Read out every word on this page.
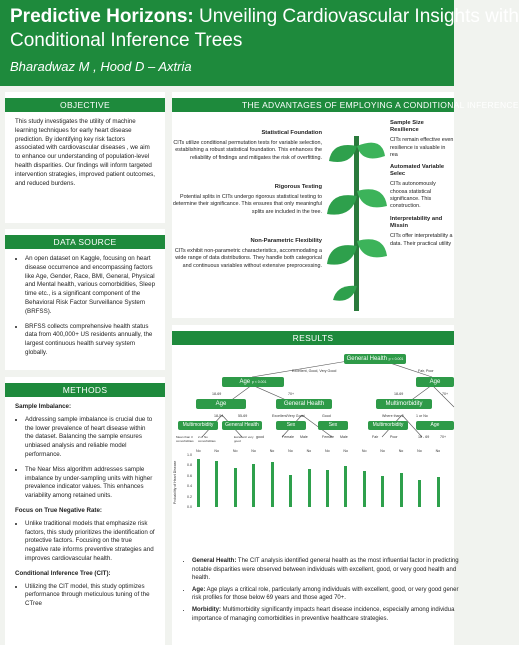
Predictive Horizons: Unveiling Cardiovascular Insights with
Conditional Inference Trees
Bharadwaz M , Hood D – Axtria
OBJECTIVE

This study investigates the utility of machine learning techniques for early heart disease prediction. By identifying key risk factors associated with cardiovascular diseases , we aim to enhance our understanding of population-level health disparities. Our findings will inform targeted intervention strategies, improved patient outcomes, and reduced burdens.

DATA SOURCE
• An open dataset on Kaggle, focusing on heart disease occurrence and encompassing factors like Age, Gender, Race, BMI, General, Physical and Mental health, various comorbidities, Sleep time etc., is a significant component of the Behavioral Risk Factor Surveillance System (BRFSS).
• BRFSS collects comprehensive health status data from 400,000+ US residents annually, the largest continuous health survey system globally.
METHODS
Sample Imbalance:
• Addressing sample imbalance is crucial due to the lower prevalence of heart disease within the dataset. Balancing the sample ensures unbiased analysis and reliable model performance.
• The Near Miss algorithm addresses sample imbalance by under-sampling units with higher prevalence indicator values. This enhances variability among retained units.
Focus on True Negative Rate:
• Unlike traditional models that emphasize risk factors, this study prioritizes the identification of protective factors. Focusing on the true negative rate informs preventive strategies and improves cardiovascular health.
Conditional Inference Tree (CIT):
• Utilizing the CIT model, this study optimizes performance through meticulous tuning of the CTree
THE ADVANTAGES OF EMPLOYING A CONDITIONAL INFERENCE
Statistical Foundation
CITs utilize conditional permutation tests for variable selection, establishing a robust statistical foundation. This enhances the reliability of findings and mitigates the risk of overfitting.
Rigorous Testing
Potential splits in CITs undergo rigorous statistical testing to determine their significance. This ensures that only meaningful splits are included in the tree.
Non-Parametric Flexibility
CITs exhibit non-parametric characteristics, accommodating a wide range of data distributions. They handle both categorical and continuous variables without extensive preprocessing.
Sample Size Resilience
CITs remain effective even resilience is valuable in rea
Automated Variable Selec
CITs autonomously choosa statistical significance. This construction.
Interpretability and Missin
CITs offer interpretability a data. Their practical utility
RESULTS
General Health p < 0.001
Excellent, Good, Very Good	Fair, Poor
Age p < 0.001	Age
18-69	70+	18-69	70+
Age	General Health	Multimorbidity
18-54	55-69	Excellent/Very Good	Good	Where than 2	1 or No
Multimorbidity	General Health	Sex	Sex	Multimorbidity	Age
Mean than 3 comorbidities
2 or No comorbidities
Excellent/ very good
good	Female Male	Female Male	Fair	Poor	18 - 69	70+
Probability of Heart Disease
1.0
0.8
0.6
0.4
0.2
0.0
No	No	No	No	No	No	No	No	No	No	No	No	No	No
• General Health: The CIT analysis identified general health as the most influential factor in predicting notable disparities were observed between individuals with excellent, good, or very good health and health.
• Age: Age plays a critical role, particularly among individuals with excellent, good, or very good gener risk profiles for those below 69 years and those aged 70+.
• Morbidity: Multimorbidity significantly impacts heart disease incidence, especially among individua importance of managing comorbidities in preventive healthcare strategies.
